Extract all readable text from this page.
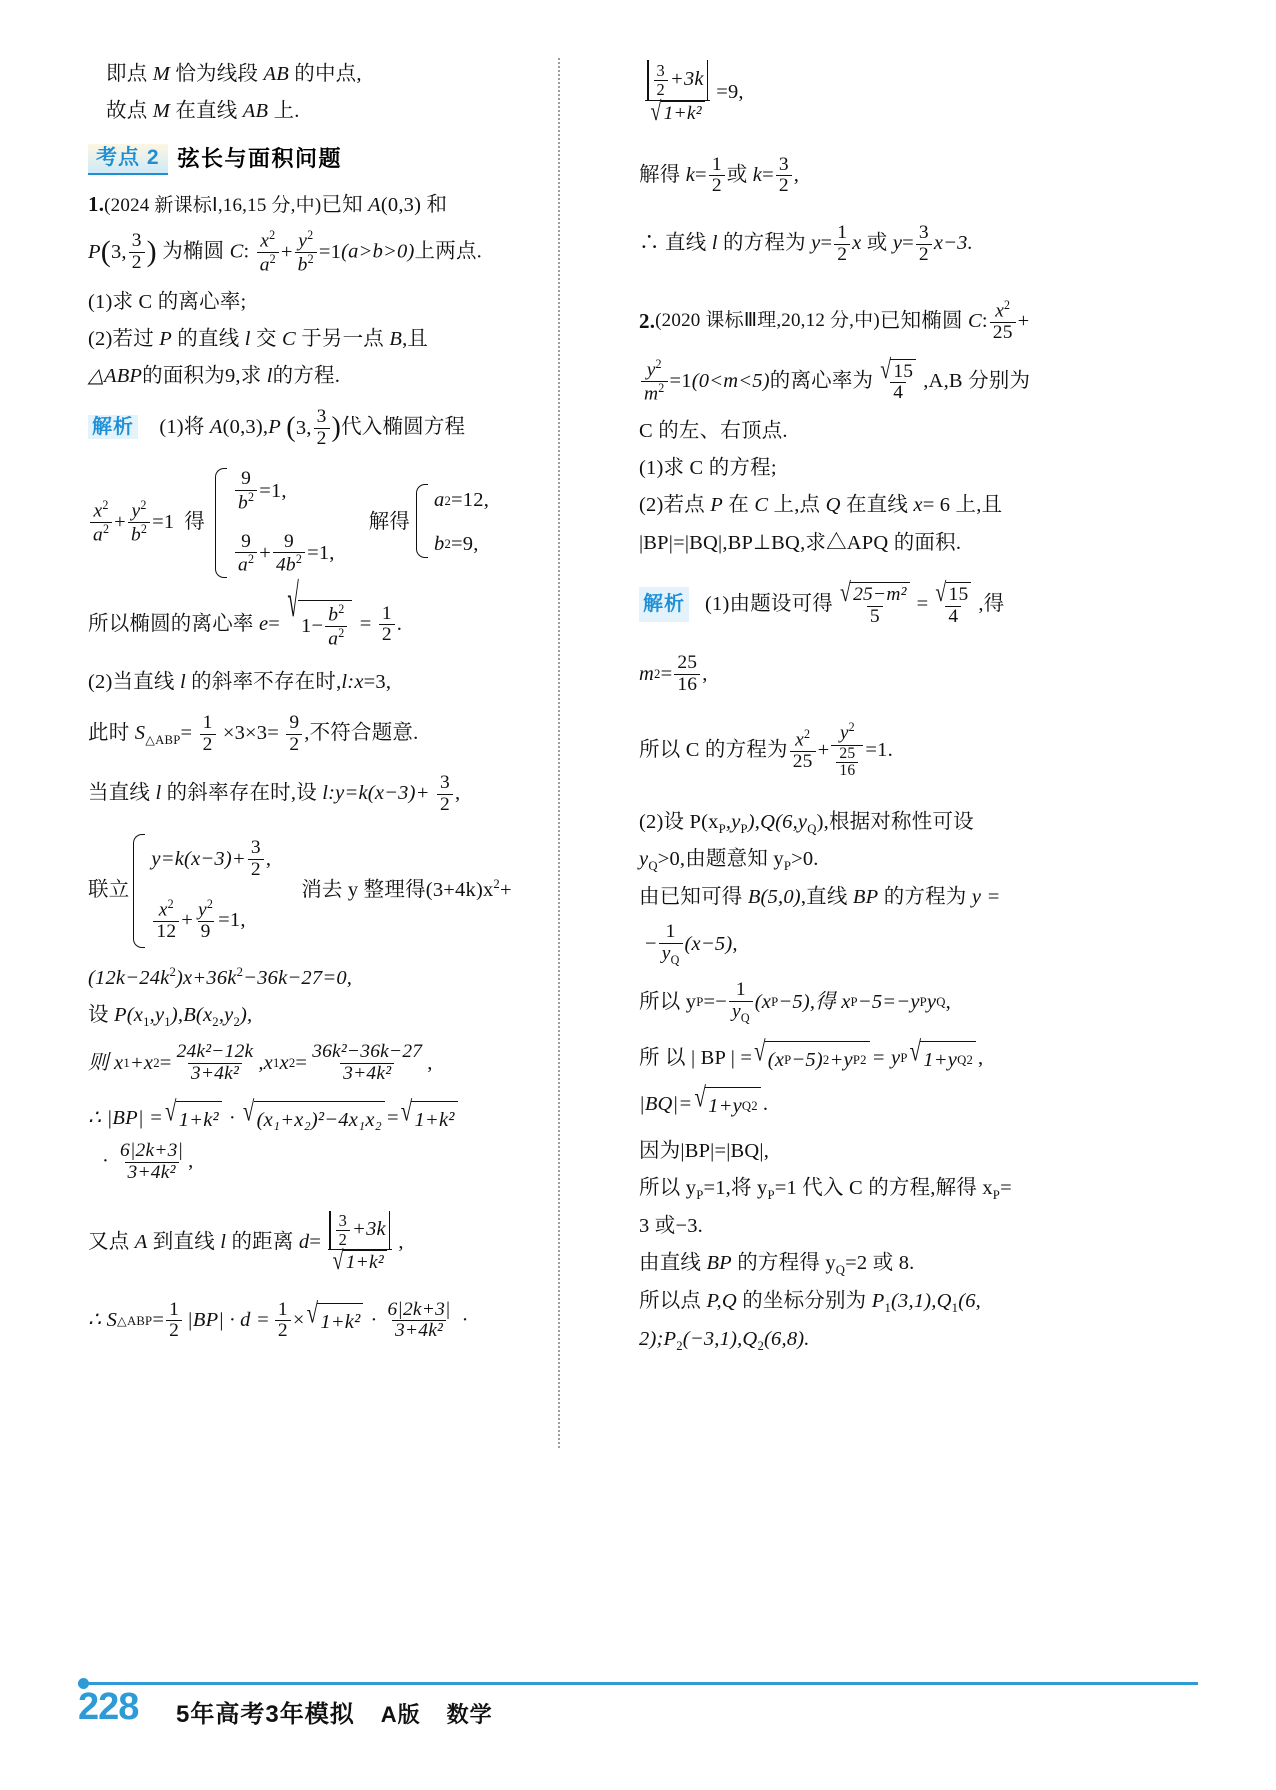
即点 M 恰为线段 AB 的中点,
故点 M 在直线 AB 上.
考点 2 弦长与面积问题
1.(2024 新课标Ⅰ,16,15 分,中)已知 A(0,3) 和
P ( 3 , $\frac{3}{2}$ ) 为椭圆 C: $\frac{x^2}{a^2} + \frac{y^2}{b^2} =1$ (a>b>0)上两点.
(1)求 C 的离心率;
(2)若过 P 的直线 l 交 C 于另一点 B,且
△ABP的面积为9,求 l的方程.
解析 (1)将 A(0,3),P ( 3 , $\frac{3}{2}$ ) 代入椭圆方程
$\frac{x^2}{a^2} + \frac{y^2}{b^2} =1$ 得
$\frac{9}{b^2} =1$,
$\frac{9}{a^2} + \frac{9}{4b^2} =1$,
解得
a 2 =12,
b 2 =9,
所以椭圆的离心率 e= √ $1- \frac{b^2}{a^2} = \frac{1}{2}$ .
(2)当直线 l 的斜率不存在时,l:x=3,
此时 $S_{\triangle ABP}= \frac{1}{2} \times 3\times 3= \frac{9}{2}$ ,不符合题意.
当直线 l 的斜率存在时,设 l:y=k(x−3)+ $\frac{3}{2}$ ,
联立
$y=k(x-3)+ \frac{3}{2}$ ,
$\frac{x^2}{12} + \frac{y^2}{9} =1$,
消去 y 整理得$(3+4k)x^2+$
$(12k-24k^2)x+36k^2-36k-27=0$,
设 $P(x_1,y_1),B(x_2,y_2)$,
则 x 1 +x $2 = \frac{\text{24k²−12k}}{\text{3+4k²}} ,x$ 1 x $2 = \frac{\text{36k²−36k−27}}{\text{3+4k²}}$ ,
∴ |BP| = √ 1+k² · √ (x₁+x₂)²−4x₁x₂ = √ 1+k²
· $\frac{6|2k+3|}{\text{3+4k²}}$ ,
又点
A
到直线
l
的距离
$d = \frac{\frac{3}{2} +3k}{\text{√ 1+k²}}$ ,
∴ S △ABP = $\frac{1}{2} |BP| \cdot d = \frac{1}{2}$ × √ $1+k^2 \cdot \frac{6|2k+3|}{\text{3+4k²}}$ ·
$\frac{\frac{3}{2} +3k}{\text{√ 1+k²}} =9$,
解得
$k = \frac{1}{2}$ 或
$k = \frac{3}{2}$ ,
∴ 直线
l
的方程为
$y = \frac{1}{2}$ x
或
$y = \frac{3}{2} x-3$.
2. (2020 课标Ⅲ理,20,12 分,中) 已知椭圆
C : $\frac{x^2}{25}$ +
$\frac{y^2}{m^2} =1$ (0<m<5) 的离心率为 $\frac{√ 15}{4} ,A,B$ 分别为
C 的左、右顶点.
(1)求 C 的方程;
(2)若点 P 在 C 上,点 Q 在直线 x= 6 上,且
|BP|=|BQ|,BP⊥BQ,求△APQ 的面积.
解析 (1)由题设可得 $\frac{\text{√ 25−m²}}{5} = \frac{√ 15}{4}$ ,得
m $2 = \frac{25}{16}$ ,
所以 C 的方程为 $\frac{x^2}{25} + \frac{y^2}{\frac{25}{16}} =1$.
(2)设 $P(x_P,y_P),Q(6,y_Q)$,根据对称性可设
$y_Q>0$,由题意知 $y_P>0$.
由已知可得 B(5,0),直线 BP 的方程为 y =
− $\frac{1}{y_Q} (x-5)$,
所以 y $P =- \frac{1}{y_Q} (x$ P −5),得 x P −5=−y P y Q ,
所 以 | BP | = √ (x P −5) 2 +y P 2 = y P √ 1+y Q 2 ,
|BQ|= √ 1+y Q 2 .
因为|BP|=|BQ|,
所以 $y_P=1$,将 $y_P=1$ 代入 C 的方程,解得 $x_P=$
3 或−3.
由直线 BP 的方程得 $y_Q=2$ 或 8.
所以点 P,Q 的坐标分别为 $P_1(3,1),Q_1(6$,
$2);P_2(-3,1),Q_2(6,8)$.
228 5年高考3年模拟 A版 数学
